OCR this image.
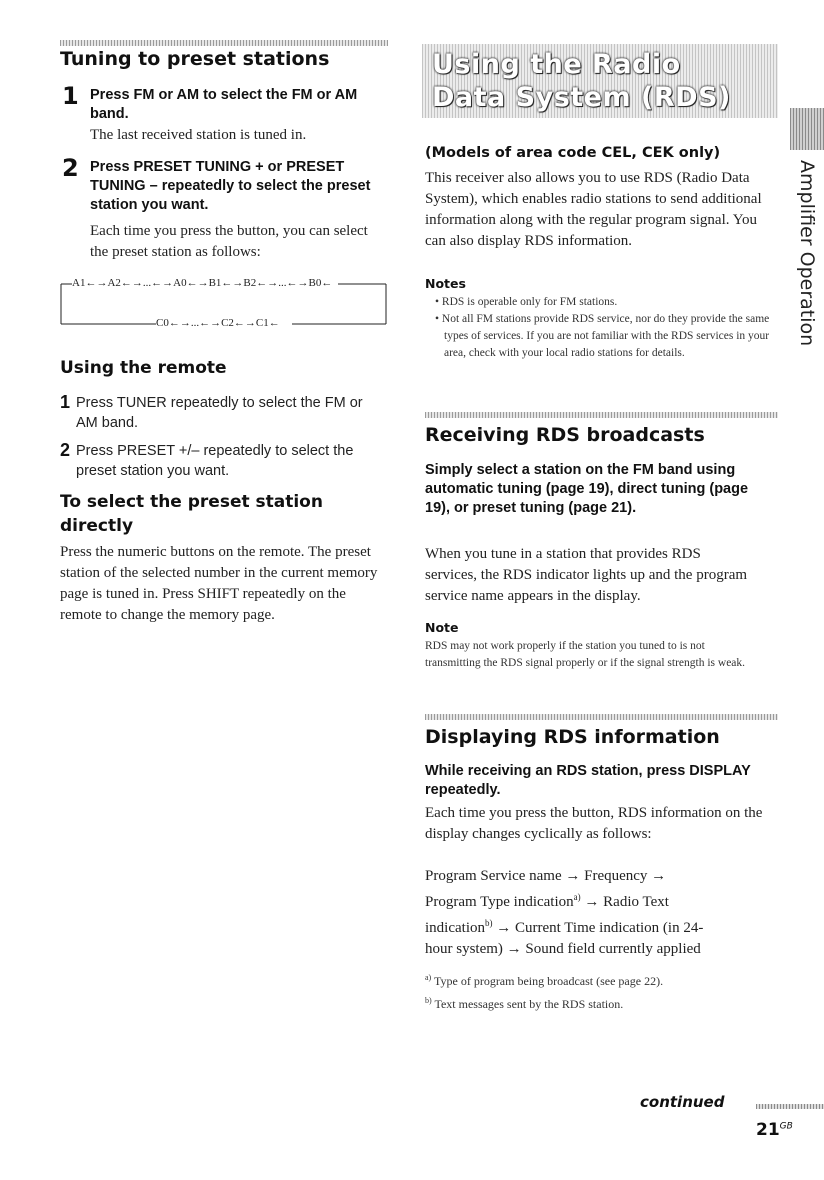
Tuning to preset stations
1 Press FM or AM to select the FM or AM band.

The last received station is tuned in.

2 Press PRESET TUNING + or PRESET TUNING – repeatedly to select the preset station you want.

Each time you press the button, you can select the preset station as follows:

A1←→A2←→...←→A0←→B1←→B2←→...←→B0←
C0←→...←→C2←→C1←
Using the remote
1 Press TUNER repeatedly to select the FM or AM band.
2 Press PRESET +/– repeatedly to select the preset station you want.
To select the preset station directly

Press the numeric buttons on the remote. The preset station of the selected number in the current memory page is tuned in. Press SHIFT repeatedly on the remote to change the memory page.

Using the Radio Data System (RDS)
(Models of area code CEL, CEK only)

This receiver also allows you to use RDS (Radio Data System), which enables radio stations to send additional information along with the regular program signal. You can also display RDS information.

Notes
• RDS is operable only for FM stations.
• Not all FM stations provide RDS service, nor do they provide the same types of services. If you are not familiar with the RDS services in your area, check with your local radio stations for details.
Receiving RDS broadcasts
Simply select a station on the FM band using automatic tuning (page 19), direct tuning (page 19), or preset tuning (page 21).

When you tune in a station that provides RDS services, the RDS indicator lights up and the program service name appears in the display.

Note

RDS may not work properly if the station you tuned to is not transmitting the RDS signal properly or if the signal strength is weak.

Displaying RDS information
While receiving an RDS station, press DISPLAY repeatedly.

Each time you press the button, RDS information on the display changes cyclically as follows:

Program Service name → Frequency →
Program Type indication$^{a)}$ → Radio Text
indication$^{b)}$ → Current Time indication (in 24-
hour system) → Sound field currently applied
$^{a)}$ Type of program being broadcast (see page 22).
$^{b)}$ Text messages sent by the RDS station.
Amplifier Operation
continued
$21^{GB}$
